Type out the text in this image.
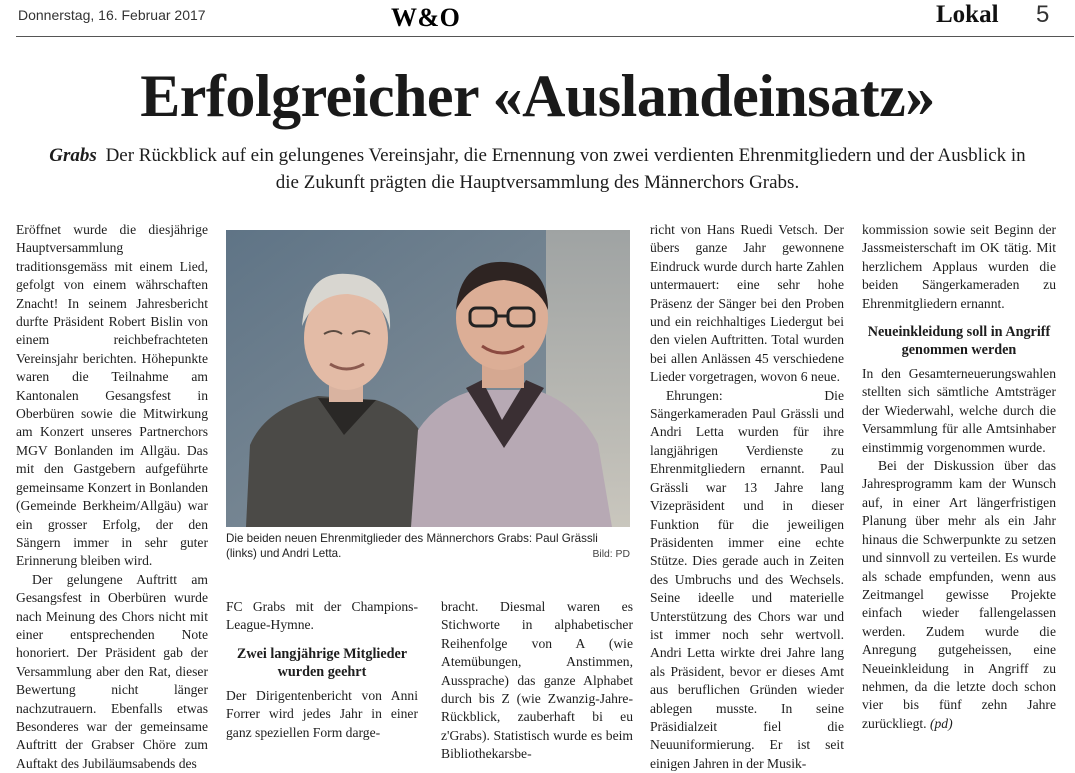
Donnerstag, 16. Februar 2017	W&O	Lokal 5
Erfolgreicher «Auslandeinsatz»

Grabs Der Rückblick auf ein gelungenes Vereinsjahr, die Ernennung von zwei verdienten Ehrenmitgliedern und der Ausblick in die Zukunft prägten die Hauptversammlung des Männerchors Grabs.

Eröffnet wurde die diesjährige Hauptversammlung traditionsgemäss mit einem Lied, gefolgt von einem währschaften Znacht! In seinem Jahresbericht durfte Präsident Robert Bislin von einem reichbefrachteten Vereinsjahr berichten. Höhepunkte waren die Teilnahme am Kantonalen Gesangsfest in Oberbüren sowie die Mitwirkung am Konzert unseres Partnerchors MGV Bonlanden im Allgäu. Das mit den Gastgebern aufgeführte gemeinsame Konzert in Bonlanden (Gemeinde Berkheim/Allgäu) war ein grosser Erfolg, der den Sängern immer in sehr guter Erinnerung bleiben wird.

Der gelungene Auftritt am Gesangsfest in Oberbüren wurde nach Meinung des Chors nicht mit einer entsprechenden Note honoriert. Der Präsident gab der Versammlung aber den Rat, dieser Bewertung nicht länger nachzutrauern. Ebenfalls etwas Besonderes war der gemeinsame Auftritt der Grabser Chöre zum Auftakt des Jubiläumsabends des

Die beiden neuen Ehrenmitglieder des Männerchors Grabs: Paul Grässli (links) und Andri Letta.	Bild: PD

FC Grabs mit der Champions-League-Hymne.

Zwei langjährige Mitglieder wurden geehrt

Der Dirigentenbericht von Anni Forrer wird jedes Jahr in einer ganz speziellen Form darge-

bracht. Diesmal waren es Stichworte in alphabetischer Reihenfolge von A (wie Atemübungen, Anstimmen, Aussprache) das ganze Alphabet durch bis Z (wie Zwanzig-Jahre-Rückblick, zauberhaft bi eu z'Grabs). Statistisch wurde es beim Bibliothekarsbe-

richt von Hans Ruedi Vetsch. Der übers ganze Jahr gewonnene Eindruck wurde durch harte Zahlen untermauert: eine sehr hohe Präsenz der Sänger bei den Proben und ein reichhaltiges Liedergut bei den vielen Auftritten. Total wurden bei allen Anlässen 45 verschiedene Lieder vorgetragen, wovon 6 neue.

Ehrungen: Die Sängerkameraden Paul Grässli und Andri Letta wurden für ihre langjährigen Verdienste zu Ehrenmitgliedern ernannt. Paul Grässli war 13 Jahre lang Vizepräsident und in dieser Funktion für die jeweiligen Präsidenten immer eine echte Stütze. Dies gerade auch in Zeiten des Umbruchs und des Wechsels. Seine ideelle und materielle Unterstützung des Chors war und ist immer noch sehr wertvoll. Andri Letta wirkte drei Jahre lang als Präsident, bevor er dieses Amt aus beruflichen Gründen wieder ablegen musste. In seine Präsidialzeit fiel die Neuuniformierung. Er ist seit einigen Jahren in der Musik-

kommission sowie seit Beginn der Jassmeisterschaft im OK tätig. Mit herzlichem Applaus wurden die beiden Sängerkameraden zu Ehrenmitgliedern ernannt.

Neueinkleidung soll in Angriff genommen werden

In den Gesamterneuerungswahlen stellten sich sämtliche Amtsträger der Wiederwahl, welche durch die Versammlung für alle Amtsinhaber einstimmig vorgenommen wurde.

Bei der Diskussion über das Jahresprogramm kam der Wunsch auf, in einer Art längerfristigen Planung über mehr als ein Jahr hinaus die Schwerpunkte zu setzen und sinnvoll zu verteilen. Es wurde als schade empfunden, wenn aus Zeitmangel gewisse Projekte einfach wieder fallengelassen werden. Zudem wurde die Anregung gutgeheissen, eine Neueinkleidung in Angriff zu nehmen, da die letzte doch schon vier bis fünf zehn Jahre zurückliegt. (pd)
